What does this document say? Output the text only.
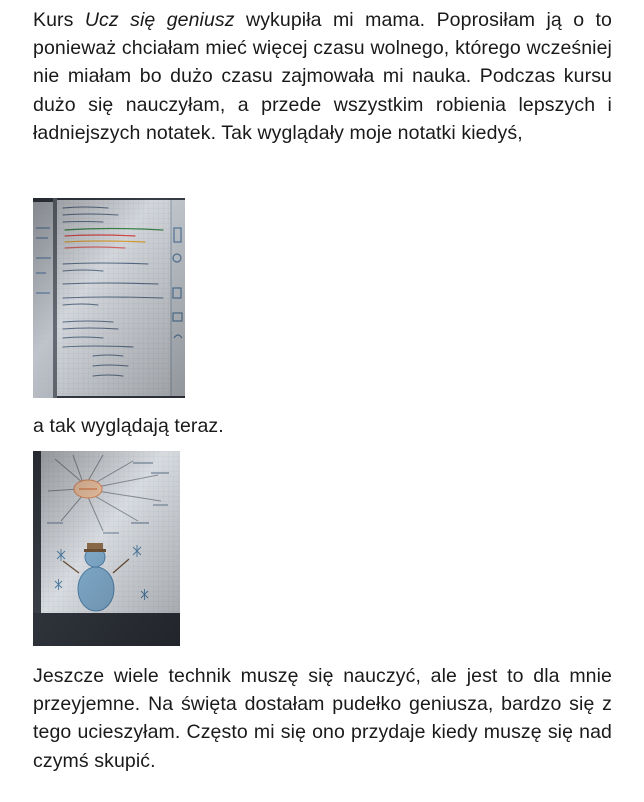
Kurs Ucz się geniusz wykupiła mi mama. Poprosiłam ją o to ponieważ chciałam mieć więcej czasu wolnego, którego wcześniej nie miałam bo dużo czasu zajmowała mi nauka. Podczas kursu dużo się nauczyłam, a przede wszystkim robienia lepszych i ładniejszych notatek. Tak wyglądały moje notatki kiedyś,

a tak wyglądają teraz.

Jeszcze wiele technik muszę się nauczyć, ale jest to dla mnie przeyjemne. Na święta dostałam pudełko geniusza, bardzo się z tego ucieszyłam. Często mi się ono przydaje kiedy muszę się nad czymś skupić.
